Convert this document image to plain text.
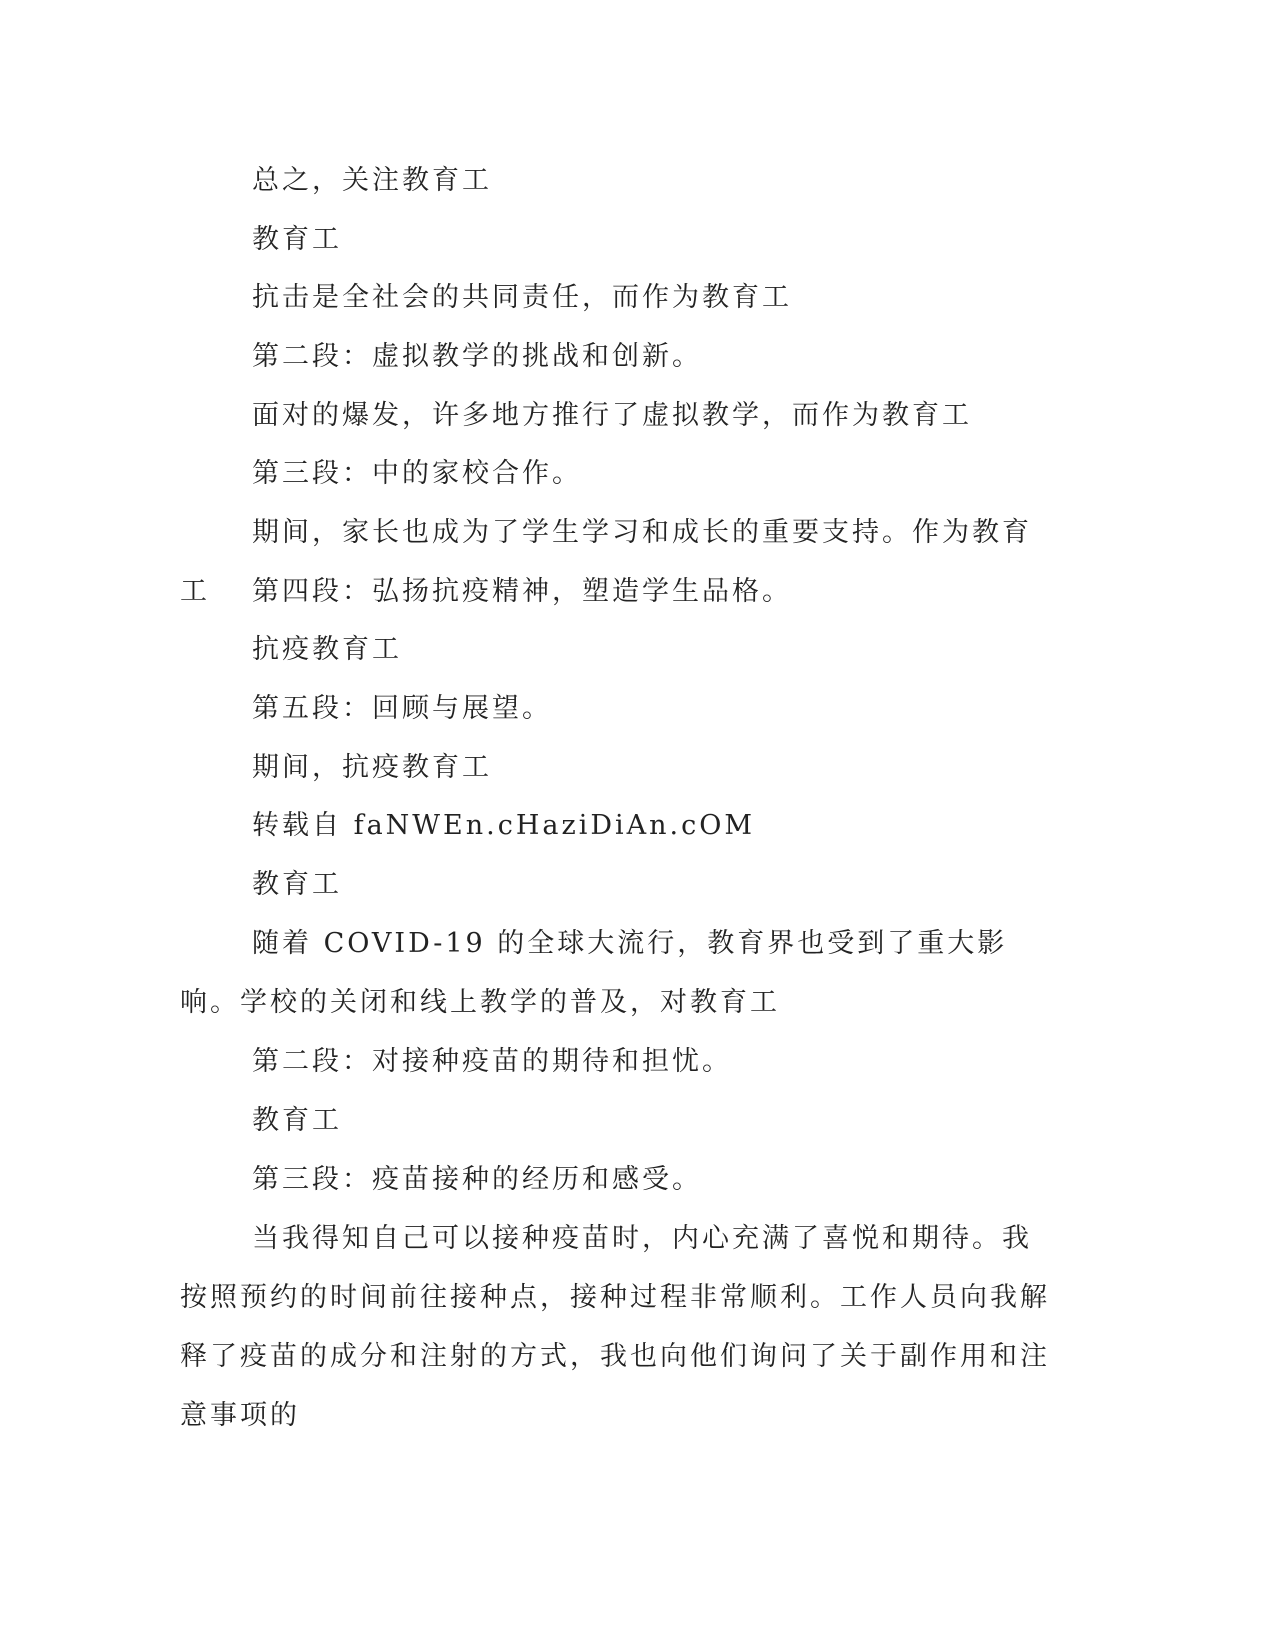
总之，关注教育工

教育工

抗击是全社会的共同责任，而作为教育工

第二段：虚拟教学的挑战和创新。

面对的爆发，许多地方推行了虚拟教学，而作为教育工

第三段：中的家校合作。

期间，家长也成为了学生学习和成长的重要支持。作为教育工	第四段：弘扬抗疫精神，塑造学生品格。

抗疫教育工

第五段：回顾与展望。

期间，抗疫教育工

转载自 faNWEn.cHaziDiAn.cOM

教育工

随着 COVID-19 的全球大流行，教育界也受到了重大影响。学校的关闭和线上教学的普及，对教育工

第二段：对接种疫苗的期待和担忧。

教育工

第三段：疫苗接种的经历和感受。

当我得知自己可以接种疫苗时，内心充满了喜悦和期待。我按照预约的时间前往接种点，接种过程非常顺利。工作人员向我解释了疫苗的成分和注射的方式，我也向他们询问了关于副作用和注意事项的
